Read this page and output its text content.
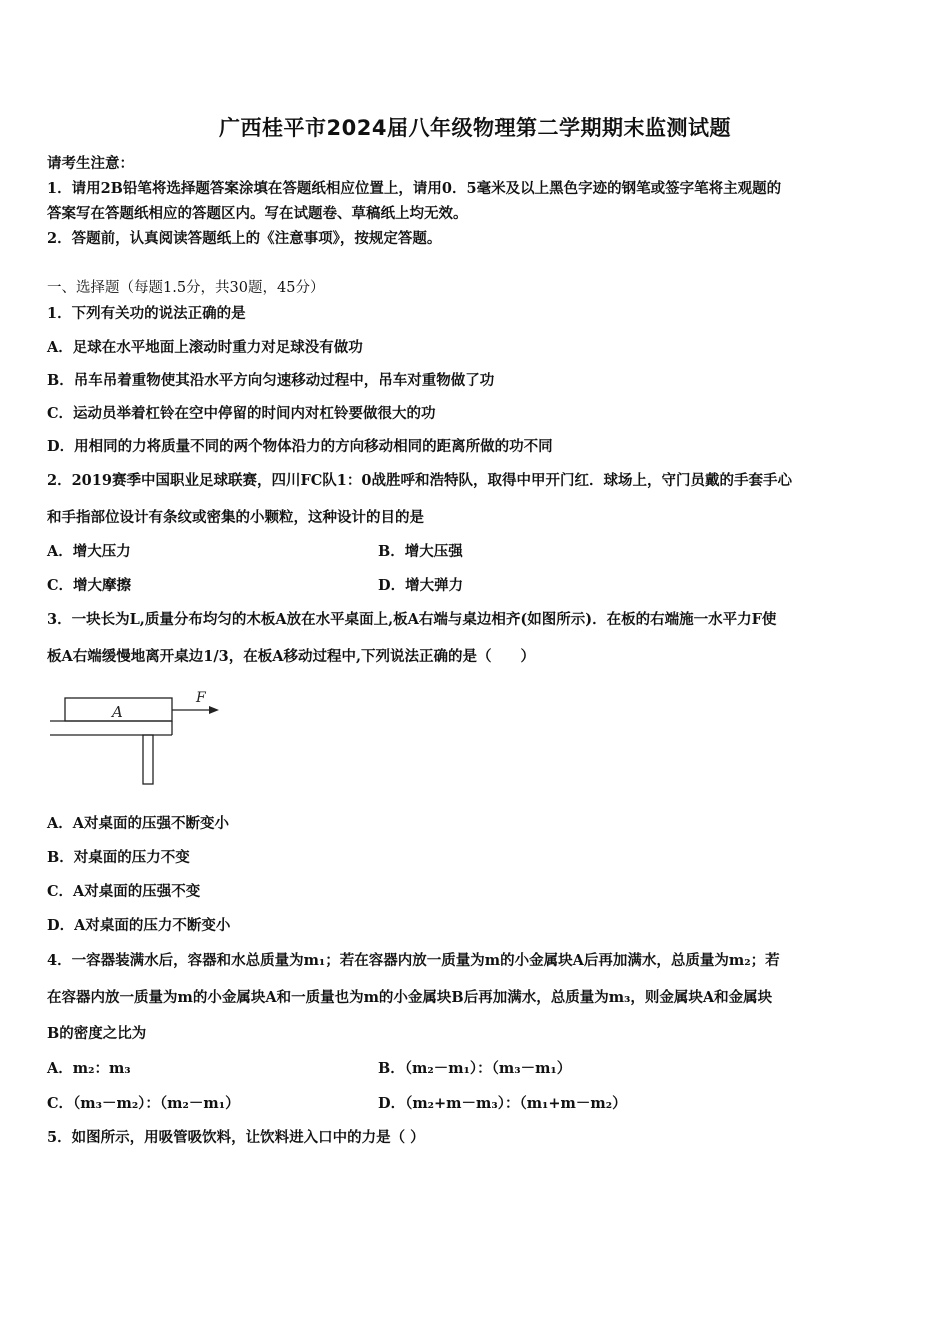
广西桂平市2024届八年级物理第二学期期末监测试题
请考生注意：
1．请用2B铅笔将选择题答案涂填在答题纸相应位置上，请用0．5毫米及以上黑色字迹的钢笔或签字笔将主观题的
答案写在答题纸相应的答题区内。写在试题卷、草稿纸上均无效。
2．答题前，认真阅读答题纸上的《注意事项》，按规定答题。
一、选择题（每题1.5分，共30题，45分）
1．下列有关功的说法正确的是
A．足球在水平地面上滚动时重力对足球没有做功
B．吊车吊着重物使其沿水平方向匀速移动过程中，吊车对重物做了功
C．运动员举着杠铃在空中停留的时间内对杠铃要做很大的功
D．用相同的力将质量不同的两个物体沿力的方向移动相同的距离所做的功不同
2．2019赛季中国职业足球联赛，四川FC队1：0战胜呼和浩特队，取得中甲开门红．球场上，守门员戴的手套手心
和手指部位设计有条纹或密集的小颗粒，这种设计的目的是
A．增大压力	B．增大压强
C．增大摩擦	D．增大弹力
3．一块长为L,质量分布均匀的木板A放在水平桌面上,板A右端与桌边相齐(如图所示)．在板的右端施一水平力F使
板A右端缓慢地离开桌边1/3，在板A移动过程中,下列说法正确的是（　　）
A
F
A．A对桌面的压强不断变小
B．对桌面的压力不变
C．A对桌面的压强不变
D．A对桌面的压力不断变小
4．一容器装满水后，容器和水总质量为m₁；若在容器内放一质量为m的小金属块A后再加满水，总质量为m₂；若
在容器内放一质量为m的小金属块A和一质量也为m的小金属块B后再加满水，总质量为m₃，则金属块A和金属块
B的密度之比为
A．m₂：m₃	B．（m₂－m₁）：（m₃－m₁）
C．（m₃－m₂）：（m₂－m₁）	D．（m₂+m－m₃）：（m₁+m－m₂）
5．如图所示，用吸管吸饮料，让饮料进入口中的力是（ ）
